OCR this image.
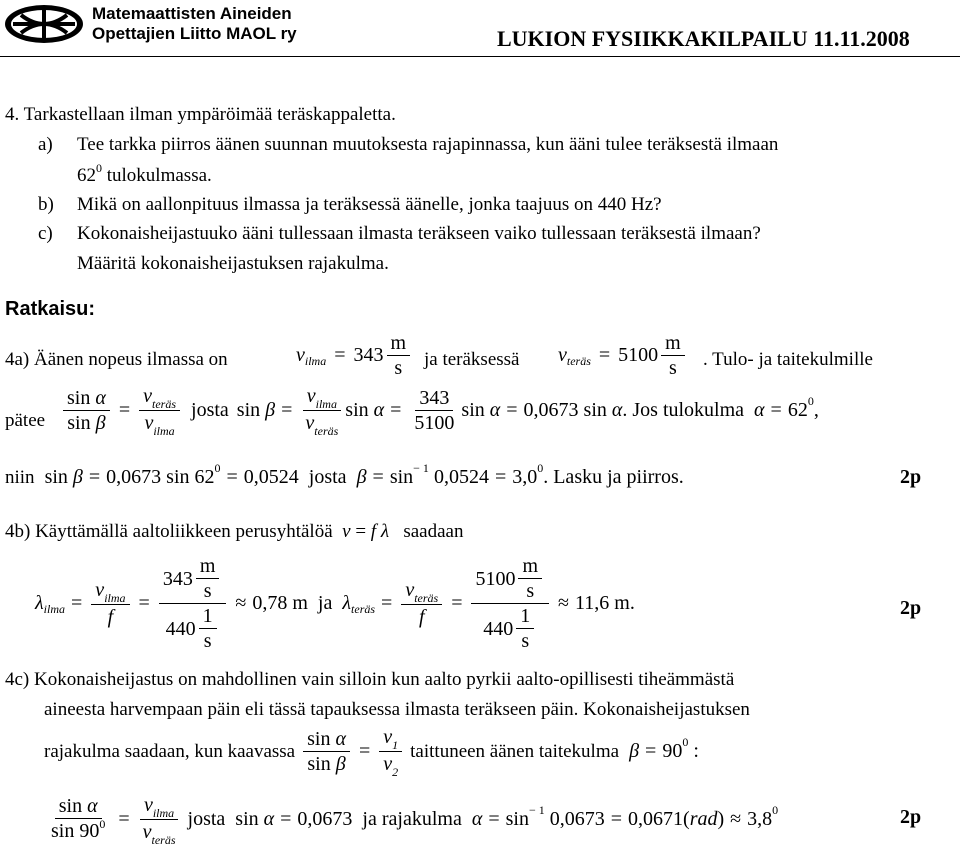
Matemaattisten Aineiden
Opettajien Liitto MAOL ry	LUKION FYSIIKKAKILPAILU 11.11.2008
4. Tarkastellaan ilman ympäröimää teräskappaletta.
a) Tee tarkka piirros äänen suunnan muutoksesta rajapinnassa, kun ääni tulee teräksestä ilmaan
$62^0$ tulokulmassa.
b) Mikä on aallonpituus ilmassa ja teräksessä äänelle, jonka taajuus on 440 Hz?
c) Kokonaisheijastuuko ääni tullessaan ilmasta teräkseen vaiko tullessaan teräksestä ilmaan?
Määritä kokonaisheijastuksen rajakulma.
Ratkaisu:
4a) Äänen nopeus ilmassa on	v ilma = $343 \frac{m}{s}$ ja teräksessä v teräs = $5100 \frac{m}{s}$ . Tulo- ja taitekulmille
pätee $\frac{\text{sin α}}{\text{sin β}} = \frac{v_{teräs}}{v_{ilma}}$ josta sin
$\beta = \frac{v_{ilma}}{v_{teräs}}$ sin
$\alpha = \frac{343}{5100}$ sin
α = 0,0673
sin
α . Jos tulokulma
α = 62 0 ,
niin
sin
β = 0,0673
sin
62 0 = 0,0524
josta
β = sin − 1
0,0524 = 3,0 0 . Lasku ja piirros.	2p
4b) Käyttämällä aaltoliikkeen perusyhtälöä v = f λ saadaan
λ ilma = $\frac{v_{ilma}}{f} = \frac{343 \frac{m}{s}}{440 \frac{1}{s}} \approx 0,78$ m
ja
λ teräs = $\frac{v_{teräs}}{f} = \frac{5100 \frac{m}{s}}{440 \frac{1}{s}} \approx 11,6$ m .	2p
4c) Kokonaisheijastus on mahdollinen vain silloin kun aalto pyrkii aalto-opillisesti tiheämmästä
aineesta harvempaan päin eli tässä tapauksessa ilmasta teräkseen päin. Kokonaisheijastuksen
rajakulma saadaan, kun kaavassa
$\frac{\text{sin α}}{\text{sin β}} = \frac{v_1}{v_2}$
taittuneen äänen taitekulma
β = 90 0
:
$\frac{\text{sin α}}{\sin 90^0} = \frac{v_{ilma}}{v_{teräs}}$
josta
sin
α = 0,0673
ja rajakulma
α = sin − 1
0,0673 = 0,0671( rad ) ≈ 3,8 0	2p
